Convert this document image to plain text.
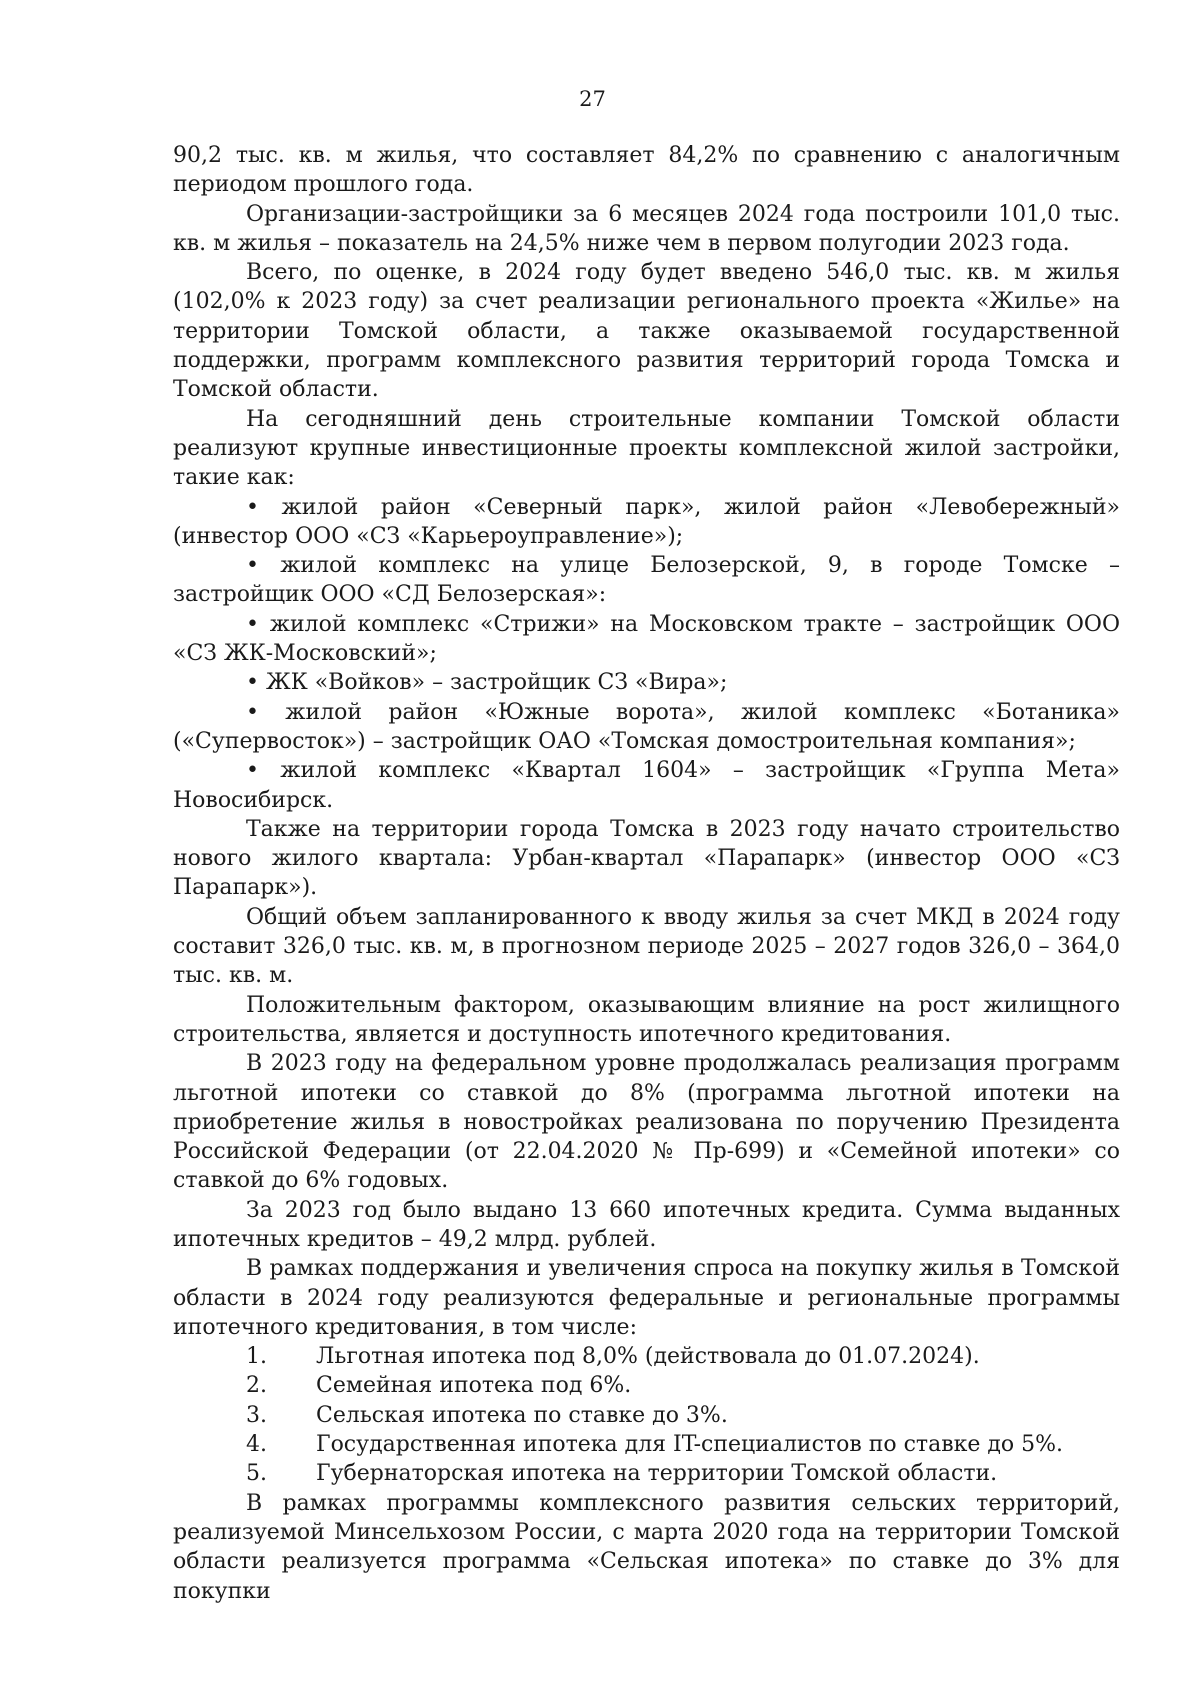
27

90,2 тыс. кв. м жилья, что составляет 84,2% по сравнению с аналогичным периодом прошлого года.

Организации-застройщики за 6 месяцев 2024 года построили 101,0 тыс. кв. м жилья – показатель на 24,5% ниже чем в первом полугодии 2023 года.

Всего, по оценке, в 2024 году будет введено 546,0 тыс. кв. м жилья (102,0% к 2023 году) за счет реализации регионального проекта «Жилье» на территории Томской области, а также оказываемой государственной поддержки, программ комплексного развития территорий города Томска и Томской области.

На сегодняшний день строительные компании Томской области реализуют крупные инвестиционные проекты комплексной жилой застройки, такие как:

• жилой район «Северный парк», жилой район «Левобережный» (инвестор ООО «СЗ «Карьероуправление»);

• жилой комплекс на улице Белозерской, 9, в городе Томске – застройщик ООО «СД Белозерская»:

• жилой комплекс «Стрижи» на Московском тракте – застройщик ООО «СЗ ЖК-Московский»;

• ЖК «Войков» – застройщик СЗ «Вира»;

• жилой район «Южные ворота», жилой комплекс «Ботаника» («Супервосток») – застройщик ОАО «Томская домостроительная компания»;

• жилой комплекс «Квартал 1604» – застройщик «Группа Мета» Новосибирск.

Также на территории города Томска в 2023 году начато строительство нового жилого квартала: Урбан-квартал «Парапарк» (инвестор ООО «СЗ Парапарк»).

Общий объем запланированного к вводу жилья за счет МКД в 2024 году составит 326,0 тыс. кв. м, в прогнозном периоде 2025 – 2027 годов 326,0 – 364,0 тыс. кв. м.

Положительным фактором, оказывающим влияние на рост жилищного строительства, является и доступность ипотечного кредитования.

В 2023 году на федеральном уровне продолжалась реализация программ льготной ипотеки со ставкой до 8% (программа льготной ипотеки на приобретение жилья в новостройках реализована по поручению Президента Российской Федерации (от 22.04.2020 № Пр-699) и «Семейной ипотеки» со ставкой до 6% годовых.

За 2023 год было выдано 13 660 ипотечных кредита. Сумма выданных ипотечных кредитов – 49,2 млрд. рублей.

В рамках поддержания и увеличения спроса на покупку жилья в Томской области в 2024 году реализуются федеральные и региональные программы ипотечного кредитования, в том числе:

1.	Льготная ипотека под 8,0% (действовала до 01.07.2024).
2.	Семейная ипотека под 6%.
3.	Сельская ипотека по ставке до 3%.
4.	Государственная ипотека для IT-специалистов по ставке до 5%.
5.	Губернаторская ипотека на территории Томской области.

В рамках программы комплексного развития сельских территорий, реализуемой Минсельхозом России, с марта 2020 года на территории Томской области реализуется программа «Сельская ипотека» по ставке до 3% для покупки
